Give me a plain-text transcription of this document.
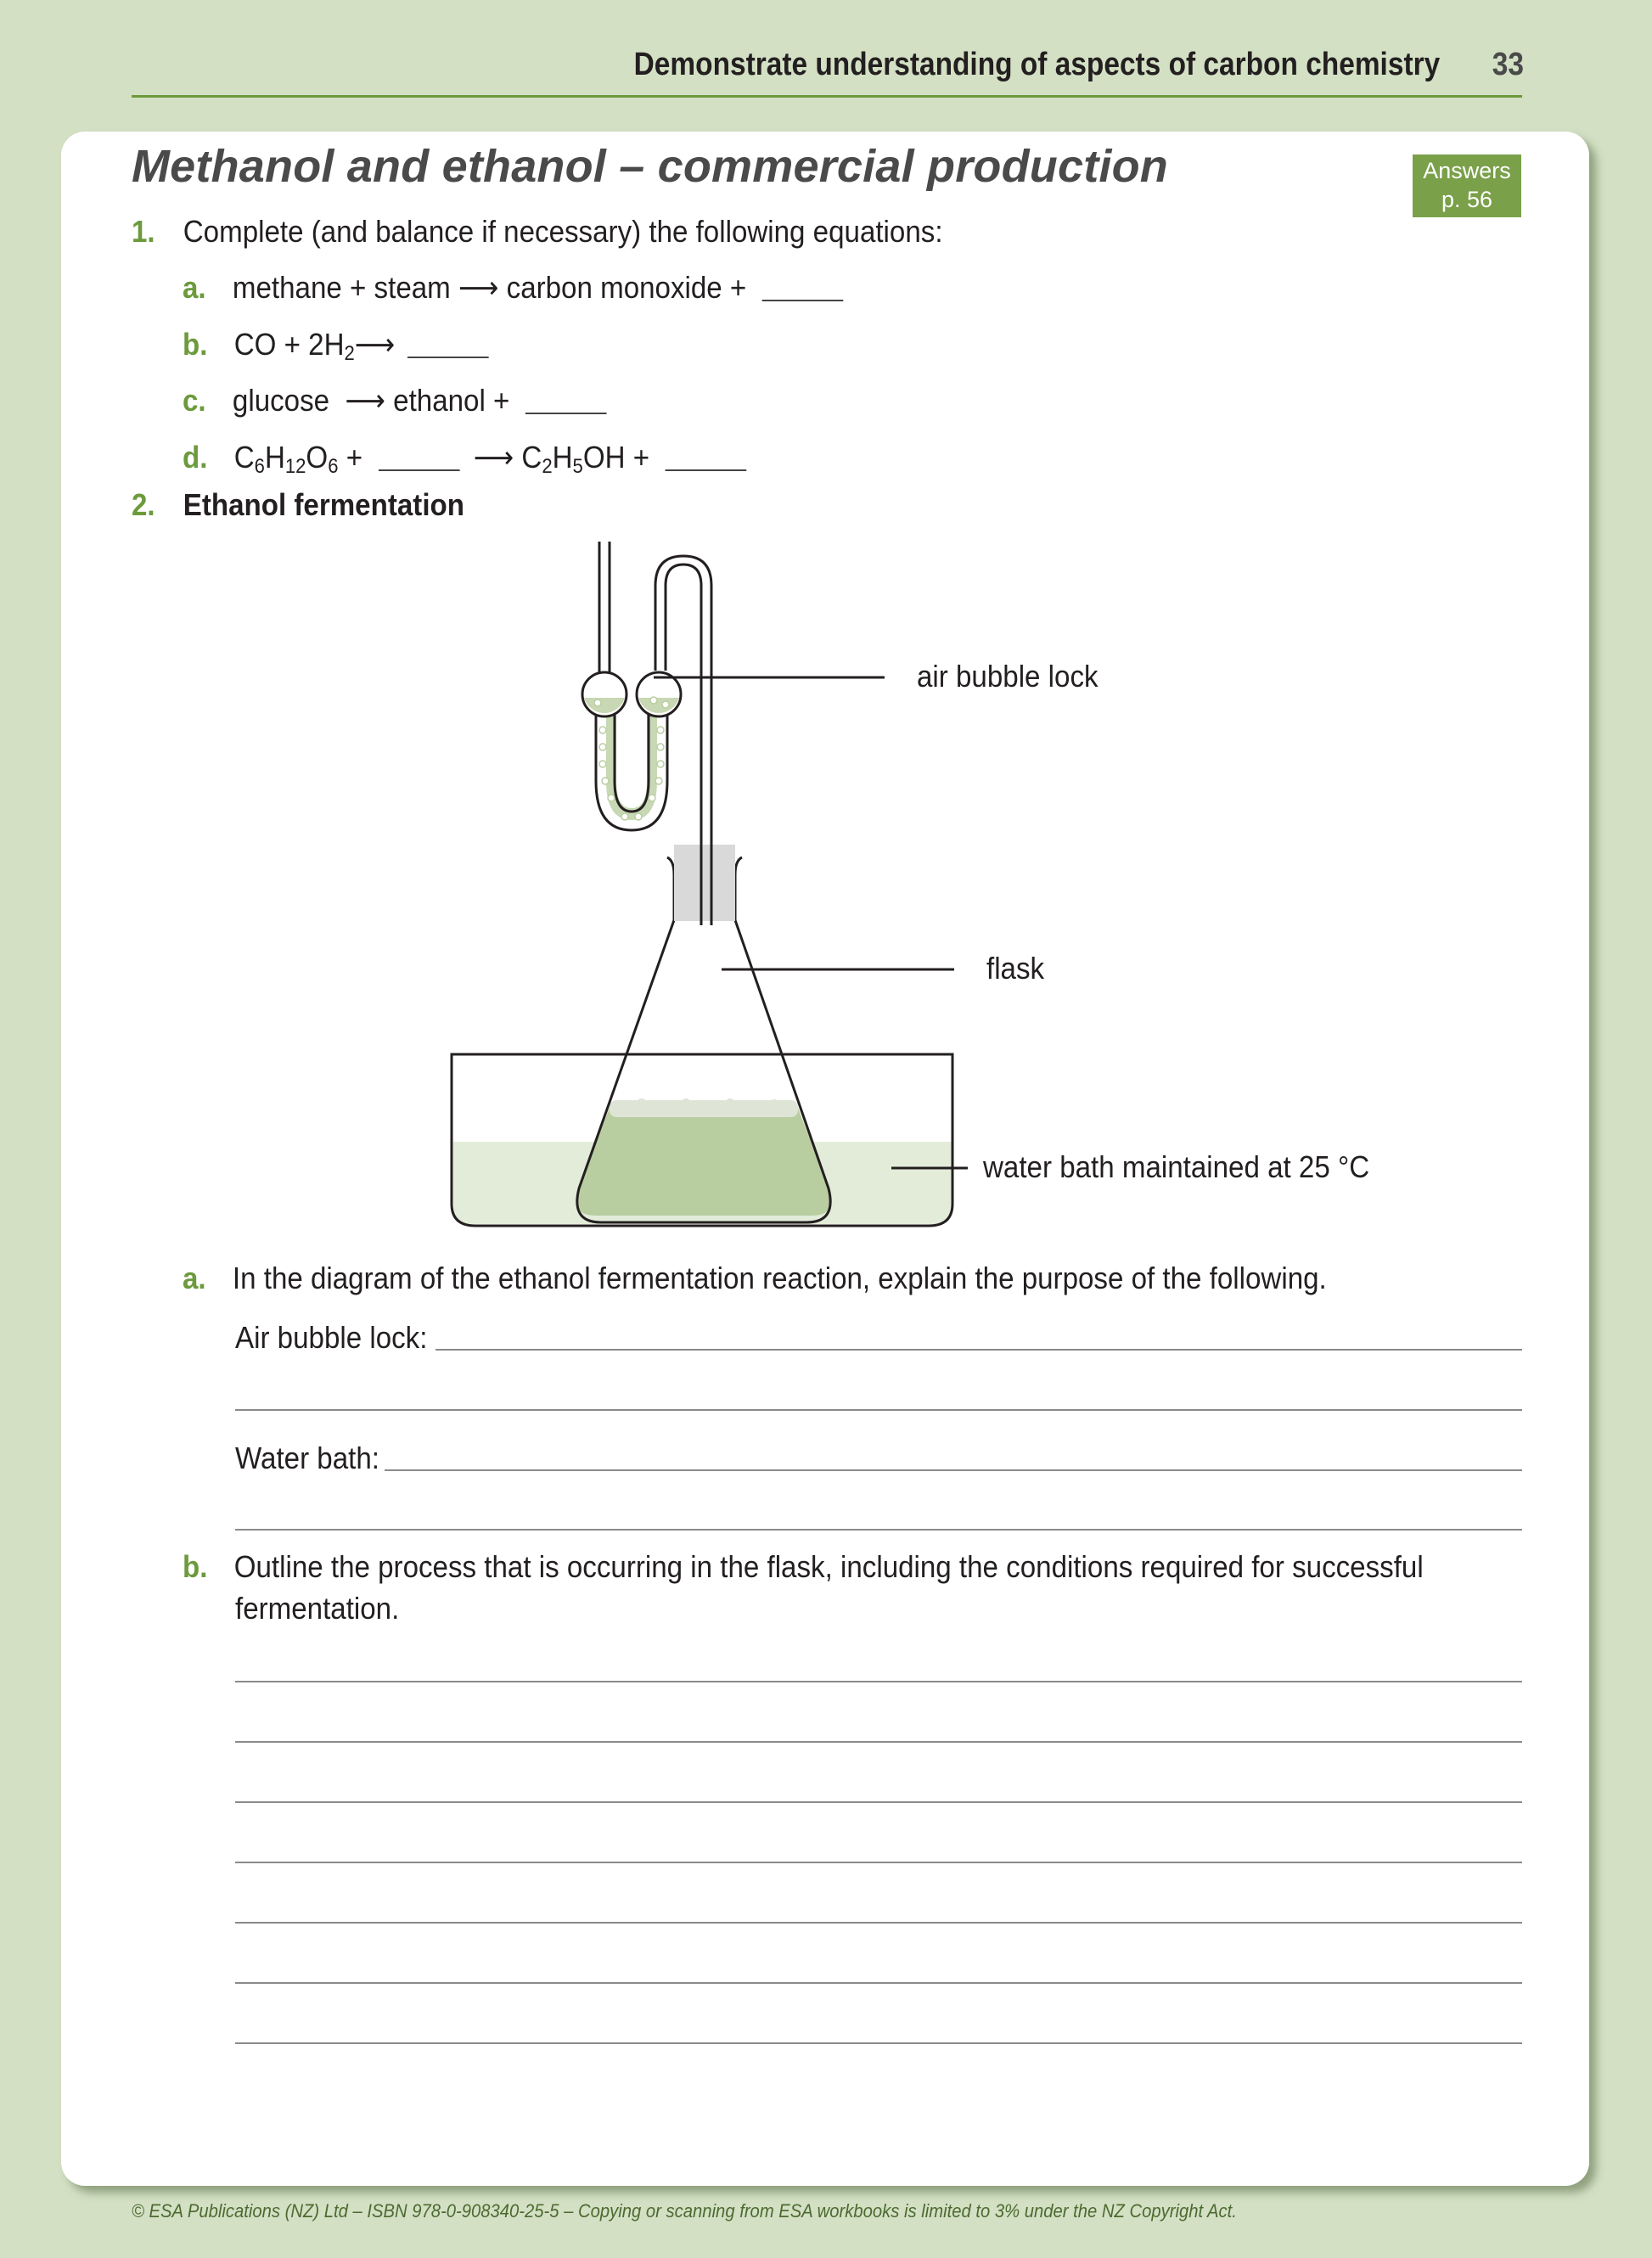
Demonstrate understanding of aspects of carbon chemistry 33
Methanol and ethanol – commercial production	Answers
p. 56
1. Complete (and balance if necessary) the following equations:
a. methane + steam ⟶ carbon monoxide +
b. CO + $2H_2⟶$
c. glucose  ⟶ ethanol +
d. $C_6H_{12}O_6$ +	⟶ $C_2H_5OH$ +
2. Ethanol fermentation
air bubble lock
flask
water bath maintained at 25 °C
a. In the diagram of the ethanol fermentation reaction, explain the purpose of the following.
Air bubble lock:
Water bath:
b. Outline the process that is occurring in the flask, including the conditions required for successful
fermentation.
© ESA Publications (NZ) Ltd – ISBN 978-0-908340-25-5 – Copying or scanning from ESA workbooks is limited to 3% under the NZ Copyright Act.
